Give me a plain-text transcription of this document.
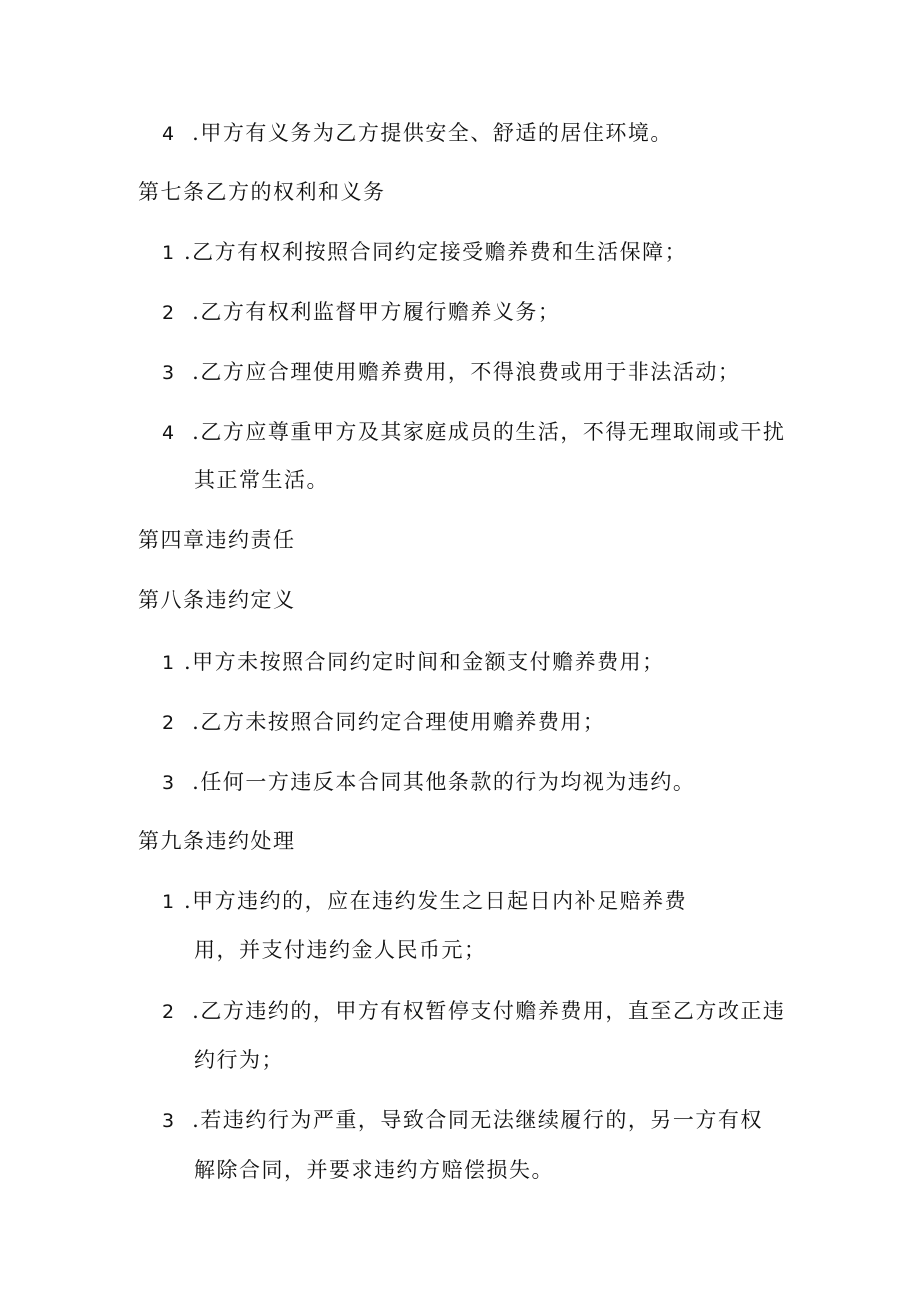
4 .甲方有义务为乙方提供安全、舒适的居住环境。
第七条乙方的权利和义务
1 .乙方有权利按照合同约定接受赡养费和生活保障；
2 .乙方有权利监督甲方履行赡养义务；
3 .乙方应合理使用赡养费用，不得浪费或用于非法活动；
4 .乙方应尊重甲方及其家庭成员的生活，不得无理取闹或干扰
其正常生活。
第四章违约责任
第八条违约定义
1 .甲方未按照合同约定时间和金额支付赡养费用；
2 .乙方未按照合同约定合理使用赡养费用；
3 .任何一方违反本合同其他条款的行为均视为违约。
第九条违约处理
1 .甲方违约的，应在违约发生之日起日内补足赔养费
用，并支付违约金人民币元；
2 .乙方违约的，甲方有权暂停支付赡养费用，直至乙方改正违
约行为；
3 .若违约行为严重，导致合同无法继续履行的，另一方有权
解除合同，并要求违约方赔偿损失。
